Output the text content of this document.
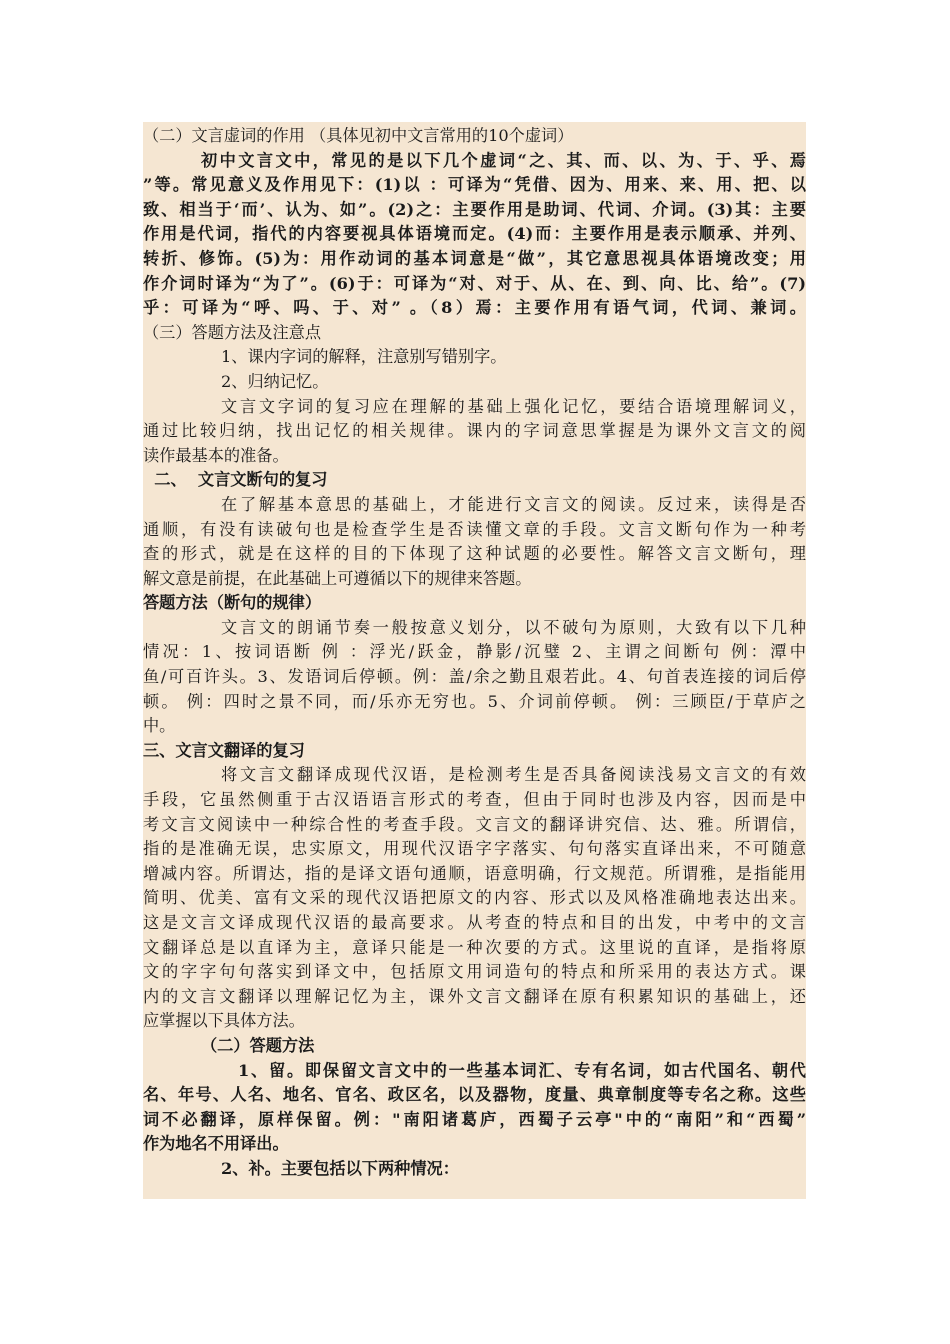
（二）文言虚词的作用 （具体见初中文言常用的10个虚词）
初中文言文中，常见的是以下几个虚词“之、其、而、以、为、于、乎、焉
”等。常见意义及作用见下：(1)以 ：可译为“凭借、因为、用来、来、用、把、以
致、相当于‘而’、认为、如”。(2)之：主要作用是助词、代词、介词。(3)其：主要
作用是代词，指代的内容要视具体语境而定。(4)而：主要作用是表示顺承、并列、
转折、修饰。(5)为：用作动词的基本词意是“做”，其它意思视具体语境改变；用
作介词时译为“为了”。(6)于：可译为“对、对于、从、在、到、向、比、给”。(7)
乎：可译为“呼、吗、于、对” 。（8）焉：主要作用有语气词，代词、兼词。
（三）答题方法及注意点
1、课内字词的解释，注意别写错别字。
2、归纳记忆。
文言文字词的复习应在理解的基础上强化记忆，要结合语境理解词义，
通过比较归纳，找出记忆的相关规律。课内的字词意思掌握是为课外文言文的阅
读作最基本的准备。
二、  文言文断句的复习
在了解基本意思的基础上，才能进行文言文的阅读。反过来，读得是否
通顺，有没有读破句也是检查学生是否读懂文章的手段。文言文断句作为一种考
查的形式，就是在这样的目的下体现了这种试题的必要性。解答文言文断句，理
解文意是前提，在此基础上可遵循以下的规律来答题。
答题方法（断句的规律）
文言文的朗诵节奏一般按意义划分，以不破句为原则，大致有以下几种
情况：1、按词语断 例 ：浮光/跃金，静影/沉璧 2、主谓之间断句 例：潭中
鱼/可百许头。3、发语词后停顿。例：盖/余之勤且艰若此。4、句首表连接的词后停
顿。 例：四时之景不同，而/乐亦无穷也。5、介词前停顿。 例：三顾臣/于草庐之
中。
三、文言文翻译的复习
将文言文翻译成现代汉语，是检测考生是否具备阅读浅易文言文的有效
手段，它虽然侧重于古汉语语言形式的考查，但由于同时也涉及内容，因而是中
考文言文阅读中一种综合性的考查手段。文言文的翻译讲究信、达、雅。所谓信，
指的是准确无误，忠实原文，用现代汉语字字落实、句句落实直译出来，不可随意
增减内容。所谓达，指的是译文语句通顺，语意明确，行文规范。所谓雅，是指能用
简明、优美、富有文采的现代汉语把原文的内容、形式以及风格准确地表达出来。
这是文言文译成现代汉语的最高要求。从考查的特点和目的出发，中考中的文言
文翻译总是以直译为主，意译只能是一种次要的方式。这里说的直译，是指将原
文的字字句句落实到译文中，包括原文用词造句的特点和所采用的表达方式。课
内的文言文翻译以理解记忆为主，课外文言文翻译在原有积累知识的基础上，还
应掌握以下具体方法。
（二）答题方法
1、留。即保留文言文中的一些基本词汇、专有名词，如古代国名、朝代
名、年号、人名、地名、官名、政区名，以及器物，度量、典章制度等专名之称。这些
词不必翻译，原样保留。例："南阳诸葛庐，西蜀子云亭"中的“南阳”和“西蜀”
作为地名不用译出。
2、补。主要包括以下两种情况：
